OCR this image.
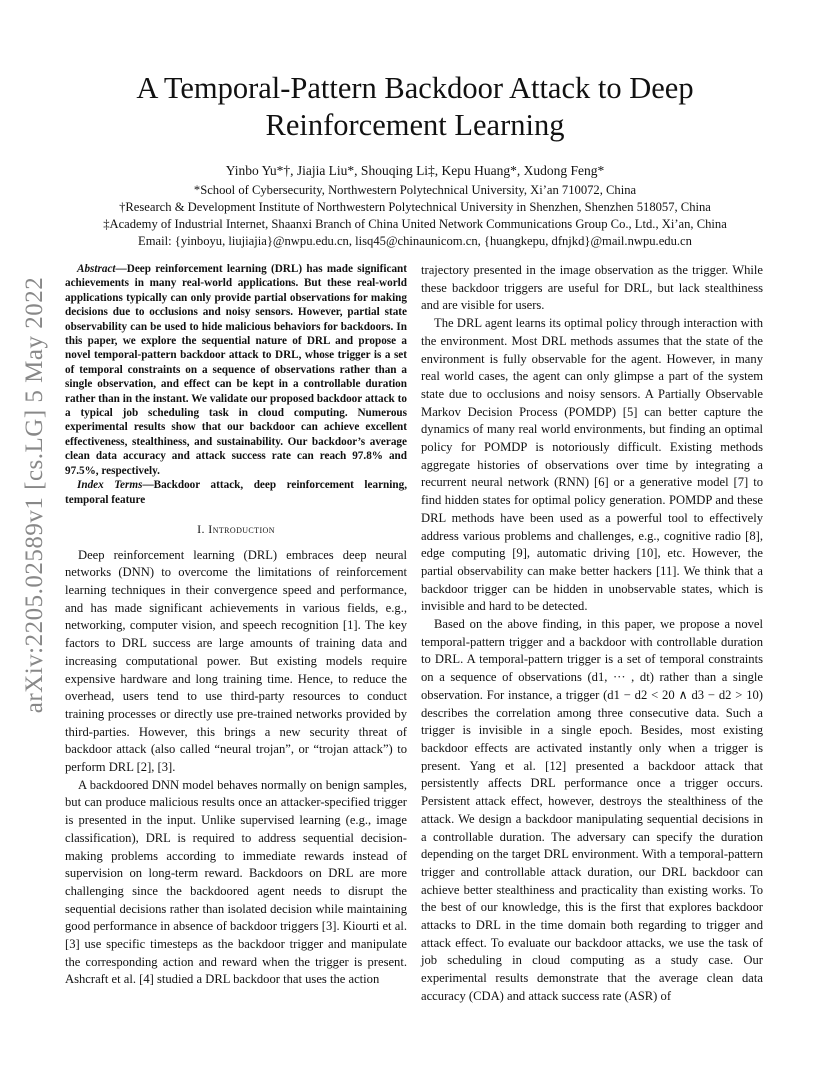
arXiv:2205.02589v1 [cs.LG] 5 May 2022
A Temporal-Pattern Backdoor Attack to Deep Reinforcement Learning
Yinbo Yu*†, Jiajia Liu*, Shouqing Li‡, Kepu Huang*, Xudong Feng*
*School of Cybersecurity, Northwestern Polytechnical University, Xi’an 710072, China
†Research & Development Institute of Northwestern Polytechnical University in Shenzhen, Shenzhen 518057, China
‡Academy of Industrial Internet, Shaanxi Branch of China United Network Communications Group Co., Ltd., Xi’an, China
Email: {yinboyu, liujiajia}@nwpu.edu.cn, lisq45@chinaunicom.cn, {huangkepu, dfnjkd}@mail.nwpu.edu.cn

Abstract—Deep reinforcement learning (DRL) has made significant achievements in many real-world applications. But these real-world applications typically can only provide partial observations for making decisions due to occlusions and noisy sensors. However, partial state observability can be used to hide malicious behaviors for backdoors. In this paper, we explore the sequential nature of DRL and propose a novel temporal-pattern backdoor attack to DRL, whose trigger is a set of temporal constraints on a sequence of observations rather than a single observation, and effect can be kept in a controllable duration rather than in the instant. We validate our proposed backdoor attack to a typical job scheduling task in cloud computing. Numerous experimental results show that our backdoor can achieve excellent effectiveness, stealthiness, and sustainability. Our backdoor’s average clean data accuracy and attack success rate can reach 97.8% and 97.5%, respectively.

Index Terms—Backdoor attack, deep reinforcement learning, temporal feature

I. Introduction

Deep reinforcement learning (DRL) embraces deep neural networks (DNN) to overcome the limitations of reinforcement learning techniques in their convergence speed and performance, and has made significant achievements in various fields, e.g., networking, computer vision, and speech recognition [1]. The key factors to DRL success are large amounts of training data and increasing computational power. But existing models require expensive hardware and long training time. Hence, to reduce the overhead, users tend to use third-party resources to conduct training processes or directly use pre-trained networks provided by third-parties. However, this brings a new security threat of backdoor attack (also called “neural trojan”, or “trojan attack”) to perform DRL [2], [3].

A backdoored DNN model behaves normally on benign samples, but can produce malicious results once an attacker-specified trigger is presented in the input. Unlike supervised learning (e.g., image classification), DRL is required to address sequential decision-making problems according to immediate rewards instead of supervision on long-term reward. Backdoors on DRL are more challenging since the backdoored agent needs to disrupt the sequential decisions rather than isolated decision while maintaining good performance in absence of backdoor triggers [3]. Kiourti et al. [3] use specific timesteps as the backdoor trigger and manipulate the corresponding action and reward when the trigger is present. Ashcraft et al. [4] studied a DRL backdoor that uses the action

trajectory presented in the image observation as the trigger. While these backdoor triggers are useful for DRL, but lack stealthiness and are visible for users.

The DRL agent learns its optimal policy through interaction with the environment. Most DRL methods assumes that the state of the environment is fully observable for the agent. However, in many real world cases, the agent can only glimpse a part of the system state due to occlusions and noisy sensors. A Partially Observable Markov Decision Process (POMDP) [5] can better capture the dynamics of many real world environments, but finding an optimal policy for POMDP is notoriously difficult. Existing methods aggregate histories of observations over time by integrating a recurrent neural network (RNN) [6] or a generative model [7] to find hidden states for optimal policy generation. POMDP and these DRL methods have been used as a powerful tool to effectively address various problems and challenges, e.g., cognitive radio [8], edge computing [9], automatic driving [10], etc. However, the partial observability can make better hackers [11]. We think that a backdoor trigger can be hidden in unobservable states, which is invisible and hard to be detected.

Based on the above finding, in this paper, we propose a novel temporal-pattern trigger and a backdoor with controllable duration to DRL. A temporal-pattern trigger is a set of temporal constraints on a sequence of observations (d1, ··· , dt) rather than a single observation. For instance, a trigger (d1 − d2 < 20 ∧ d3 − d2 > 10) describes the correlation among three consecutive data. Such a trigger is invisible in a single epoch. Besides, most existing backdoor effects are activated instantly only when a trigger is present. Yang et al. [12] presented a backdoor attack that persistently affects DRL performance once a trigger occurs. Persistent attack effect, however, destroys the stealthiness of the attack. We design a backdoor manipulating sequential decisions in a controllable duration. The adversary can specify the duration depending on the target DRL environment. With a temporal-pattern trigger and controllable attack duration, our DRL backdoor can achieve better stealthiness and practicality than existing works. To the best of our knowledge, this is the first that explores backdoor attacks to DRL in the time domain both regarding to trigger and attack effect. To evaluate our backdoor attacks, we use the task of job scheduling in cloud computing as a study case. Our experimental results demonstrate that the average clean data accuracy (CDA) and attack success rate (ASR) of
